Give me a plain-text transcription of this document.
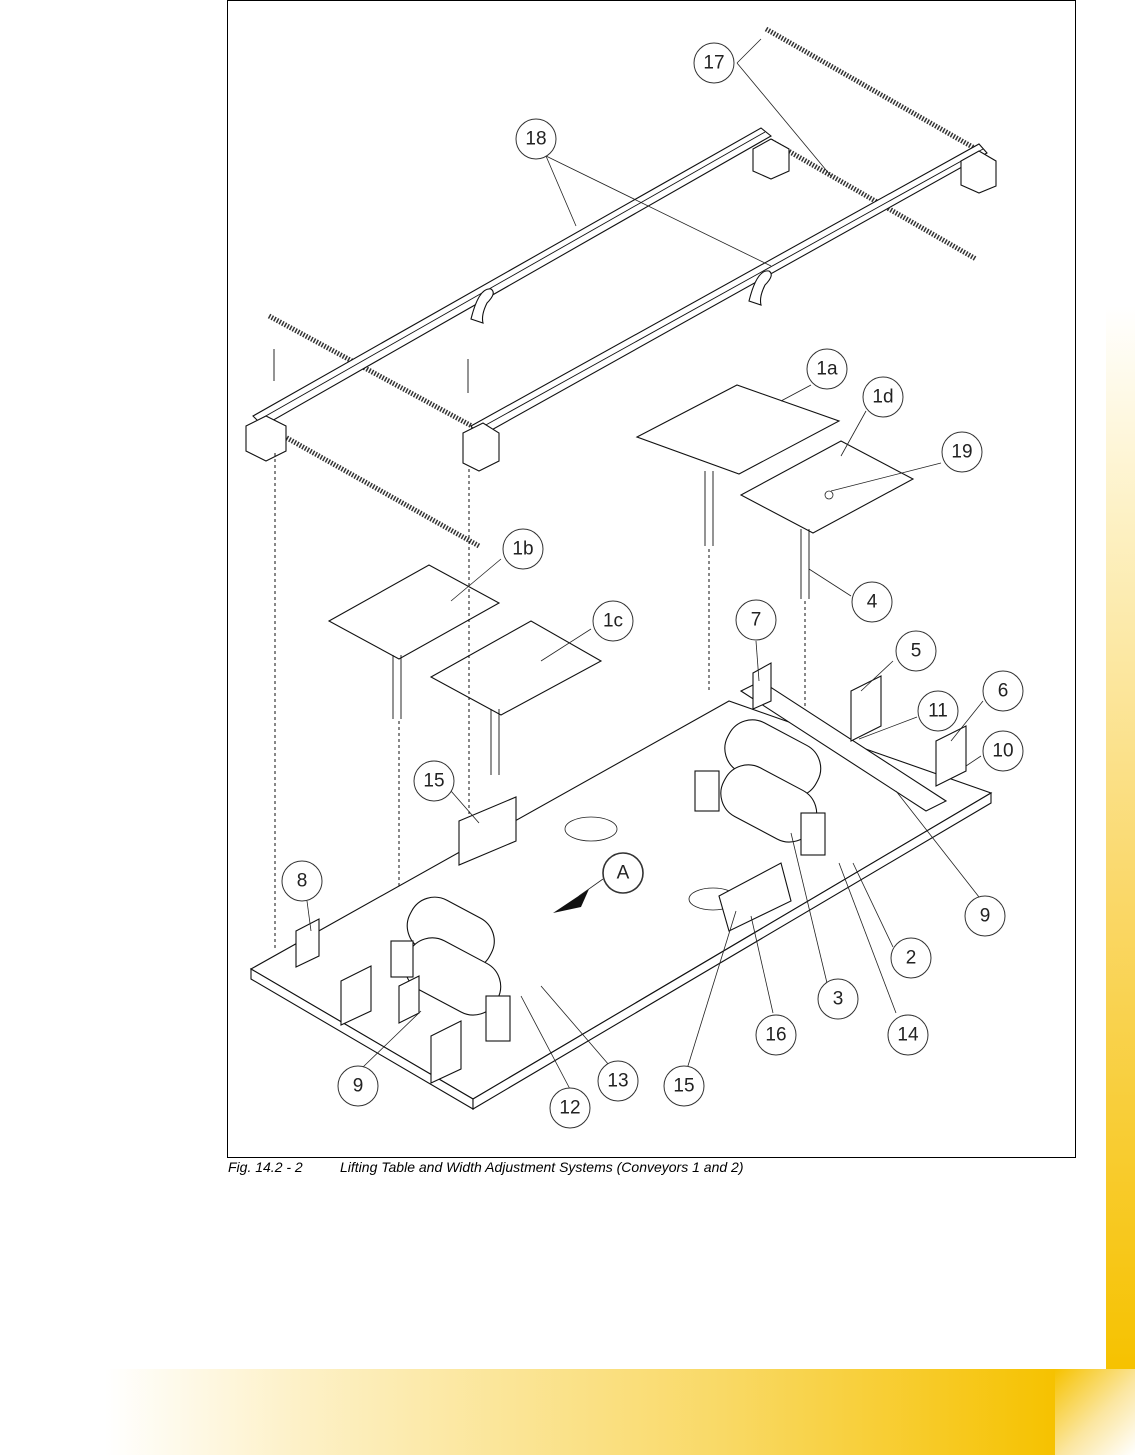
17
18
1a
1d
19
1b
1c
4
7
5
11
6
10
15
A
8
9
2
3
14
16
12
13 15
9
Fig. 14.2 - 2	Lifting Table and Width Adjustment Systems (Conveyors 1 and 2)
